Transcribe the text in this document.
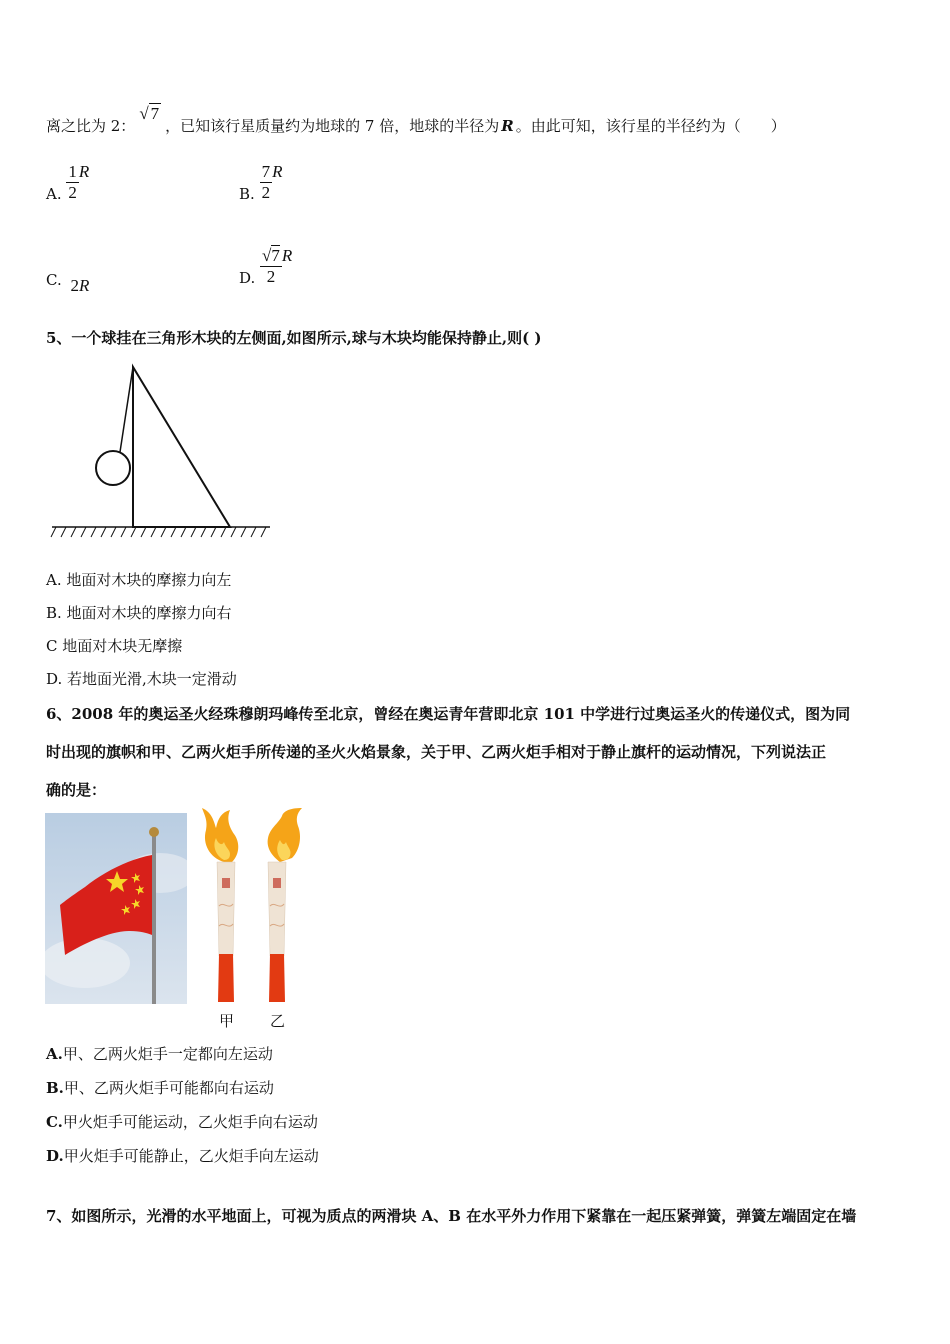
离之比为 2：√ 7，已知该行星质量约为地球的 7 倍，地球的半径为 R 。由此可知，该行星的半径约为（　　）
A. $\frac{1}{2}$ R
B. $\frac{7}{2}$ R
C. 2R	D. $\frac{√7}{2}$ R
5、一个球挂在三角形木块的左侧面,如图所示,球与木块均能保持静止,则( )
A. 地面对木块的摩擦力向左
B. 地面对木块的摩擦力向右
C 地面对木块无摩擦
D. 若地面光滑,木块一定滑动
6、2008 年的奥运圣火经珠穆朗玛峰传至北京，曾经在奥运青年营即北京 101 中学进行过奥运圣火的传递仪式，图为同
时出现的旗帜和甲、乙两火炬手所传递的圣火火焰景象，关于甲、乙两火炬手相对于静止旗杆的运动情况，下列说法正
确的是：
甲 乙
A.甲、乙两火炬手一定都向左运动
B.甲、乙两火炬手可能都向右运动
C.甲火炬手可能运动，乙火炬手向右运动
D.甲火炬手可能静止，乙火炬手向左运动
7、如图所示，光滑的水平地面上，可视为质点的两滑块 A、B 在水平外力作用下紧靠在一起压紧弹簧，弹簧左端固定在墙
